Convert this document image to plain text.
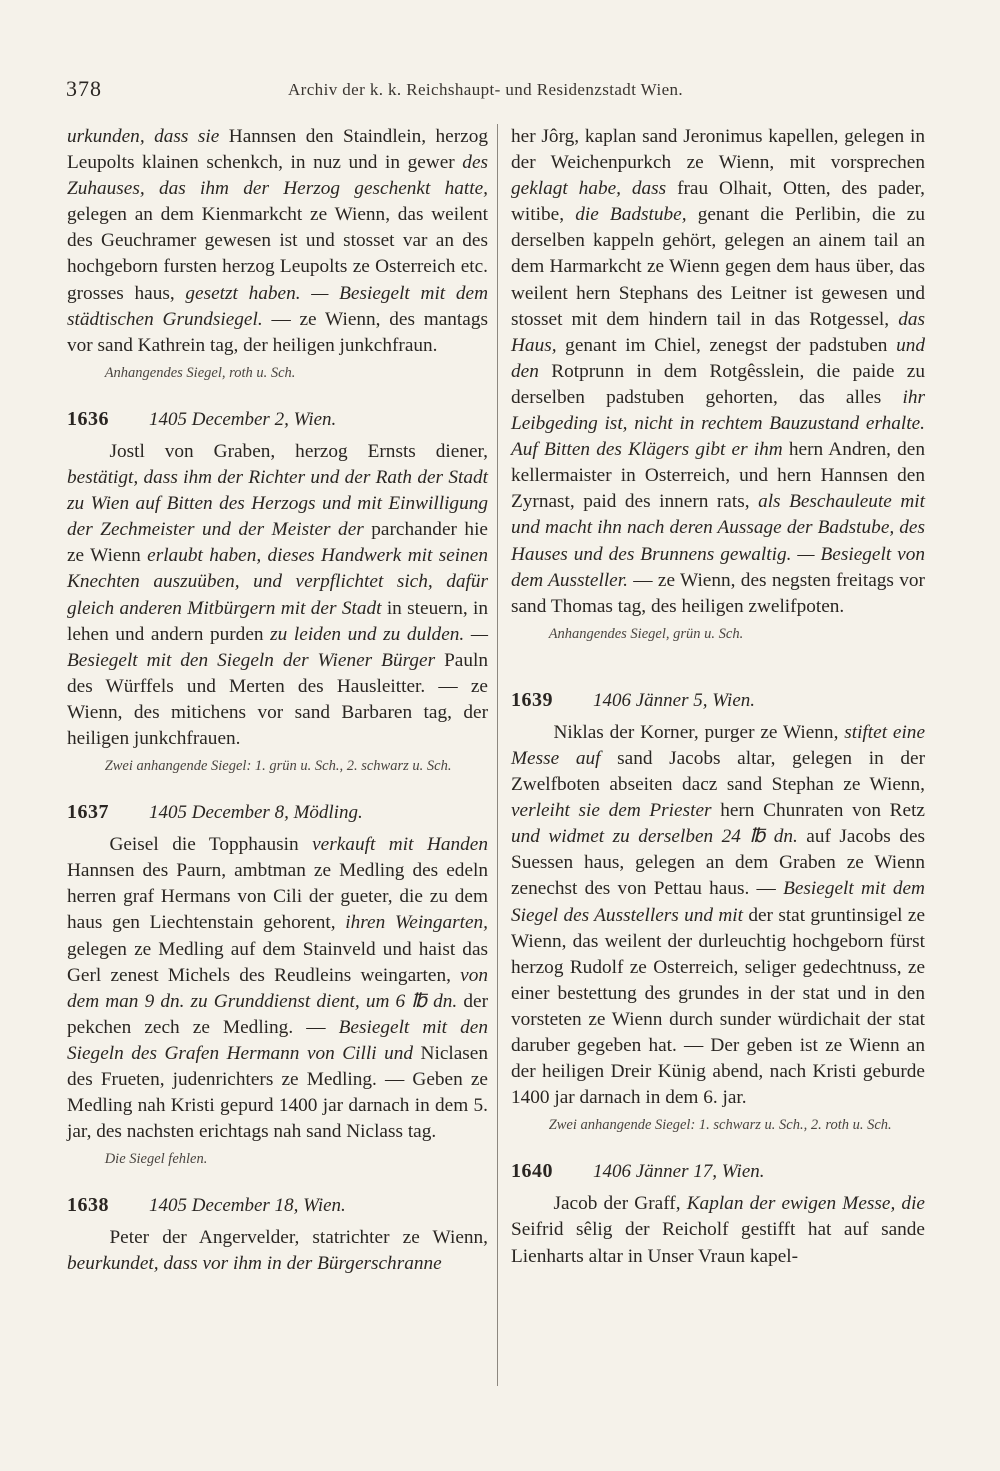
378	Archiv der k. k. Reichshaupt- und Residenzstadt Wien.

urkunden, dass sie Hannsen den Staindlein, herzog Leupolts klainen schenkch, in nuz und in gewer des Zuhauses, das ihm der Herzog geschenkt hatte, gelegen an dem Kienmarkcht ze Wienn, das weilent des Geuchramer gewesen ist und stosset var an des hochgeborn fursten herzog Leupolts ze Osterreich etc. grosses haus, gesetzt haben. — Besiegelt mit dem städtischen Grundsiegel. — ze Wienn, des mantags vor sand Kathrein tag, der heiligen junkchfraun.

Anhangendes Siegel, roth u. Sch.

1636 1405 December 2, Wien.

Jostl von Graben, herzog Ernsts diener, bestätigt, dass ihm der Richter und der Rath der Stadt zu Wien auf Bitten des Herzogs und mit Einwilligung der Zechmeister und der Meister der parchander hie ze Wienn erlaubt haben, dieses Handwerk mit seinen Knechten auszuüben, und verpflichtet sich, dafür gleich anderen Mitbürgern mit der Stadt in steuern, in lehen und andern purden zu leiden und zu dulden. — Besiegelt mit den Siegeln der Wiener Bürger Pauln des Würffels und Merten des Hausleitter. — ze Wienn, des mitichens vor sand Barbaren tag, der heiligen junkchfrauen.

Zwei anhangende Siegel: 1. grün u. Sch., 2. schwarz u. Sch.

1637 1405 December 8, Mödling.

Geisel die Topphausin verkauft mit Handen Hannsen des Paurn, ambtman ze Medling des edeln herren graf Hermans von Cili der gueter, die zu dem haus gen Liechtenstain gehorent, ihren Weingarten, gelegen ze Medling auf dem Stainveld und haist das Gerl zenest Michels des Reudleins weingarten, von dem man 9 dn. zu Grunddienst dient, um 6 ℔ dn. der pekchen zech ze Medling. — Besiegelt mit den Siegeln des Grafen Hermann von Cilli und Niclasen des Frueten, judenrichters ze Medling. — Geben ze Medling nah Kristi gepurd 1400 jar darnach in dem 5. jar, des nachsten erichtags nah sand Niclass tag.

Die Siegel fehlen.

1638 1405 December 18, Wien.

Peter der Angervelder, statrichter ze Wienn, beurkundet, dass vor ihm in der Bürgerschranne

her Jôrg, kaplan sand Jeronimus kapellen, gelegen in der Weichenpurkch ze Wienn, mit vorsprechen geklagt habe, dass frau Olhait, Otten, des pader, witibe, die Badstube, genant die Perlibin, die zu derselben kappeln gehört, gelegen an ainem tail an dem Harmarkcht ze Wienn gegen dem haus über, das weilent hern Stephans des Leitner ist gewesen und stosset mit dem hindern tail in das Rotgessel, das Haus, genant im Chiel, zenegst der padstuben und den Rotprunn in dem Rotgêsslein, die paide zu derselben padstuben gehorten, das alles ihr Leibgeding ist, nicht in rechtem Bauzustand erhalte. Auf Bitten des Klägers gibt er ihm hern Andren, den kellermaister in Osterreich, und hern Hannsen den Zyrnast, paid des innern rats, als Beschauleute mit und macht ihn nach deren Aussage der Badstube, des Hauses und des Brunnens gewaltig. — Besiegelt von dem Aussteller. — ze Wienn, des negsten freitags vor sand Thomas tag, des heiligen zwelifpoten.

Anhangendes Siegel, grün u. Sch.

1639 1406 Jänner 5, Wien.

Niklas der Korner, purger ze Wienn, stiftet eine Messe auf sand Jacobs altar, gelegen in der Zwelfboten abseiten dacz sand Stephan ze Wienn, verleiht sie dem Priester hern Chunraten von Retz und widmet zu derselben 24 ℔ dn. auf Jacobs des Suessen haus, gelegen an dem Graben ze Wienn zenechst des von Pettau haus. — Besiegelt mit dem Siegel des Ausstellers und mit der stat gruntinsigel ze Wienn, das weilent der durleuchtig hochgeborn fürst herzog Rudolf ze Osterreich, seliger gedechtnuss, ze einer bestettung des grundes in der stat und in den vorsteten ze Wienn durch sunder würdichait der stat daruber gegeben hat. — Der geben ist ze Wienn an der heiligen Dreir Künig abend, nach Kristi geburde 1400 jar darnach in dem 6. jar.

Zwei anhangende Siegel: 1. schwarz u. Sch., 2. roth u. Sch.

1640 1406 Jänner 17, Wien.

Jacob der Graff, Kaplan der ewigen Messe, die Seifrid sêlig der Reicholf gestifft hat auf sande Lienharts altar in Unser Vraun kapel-
